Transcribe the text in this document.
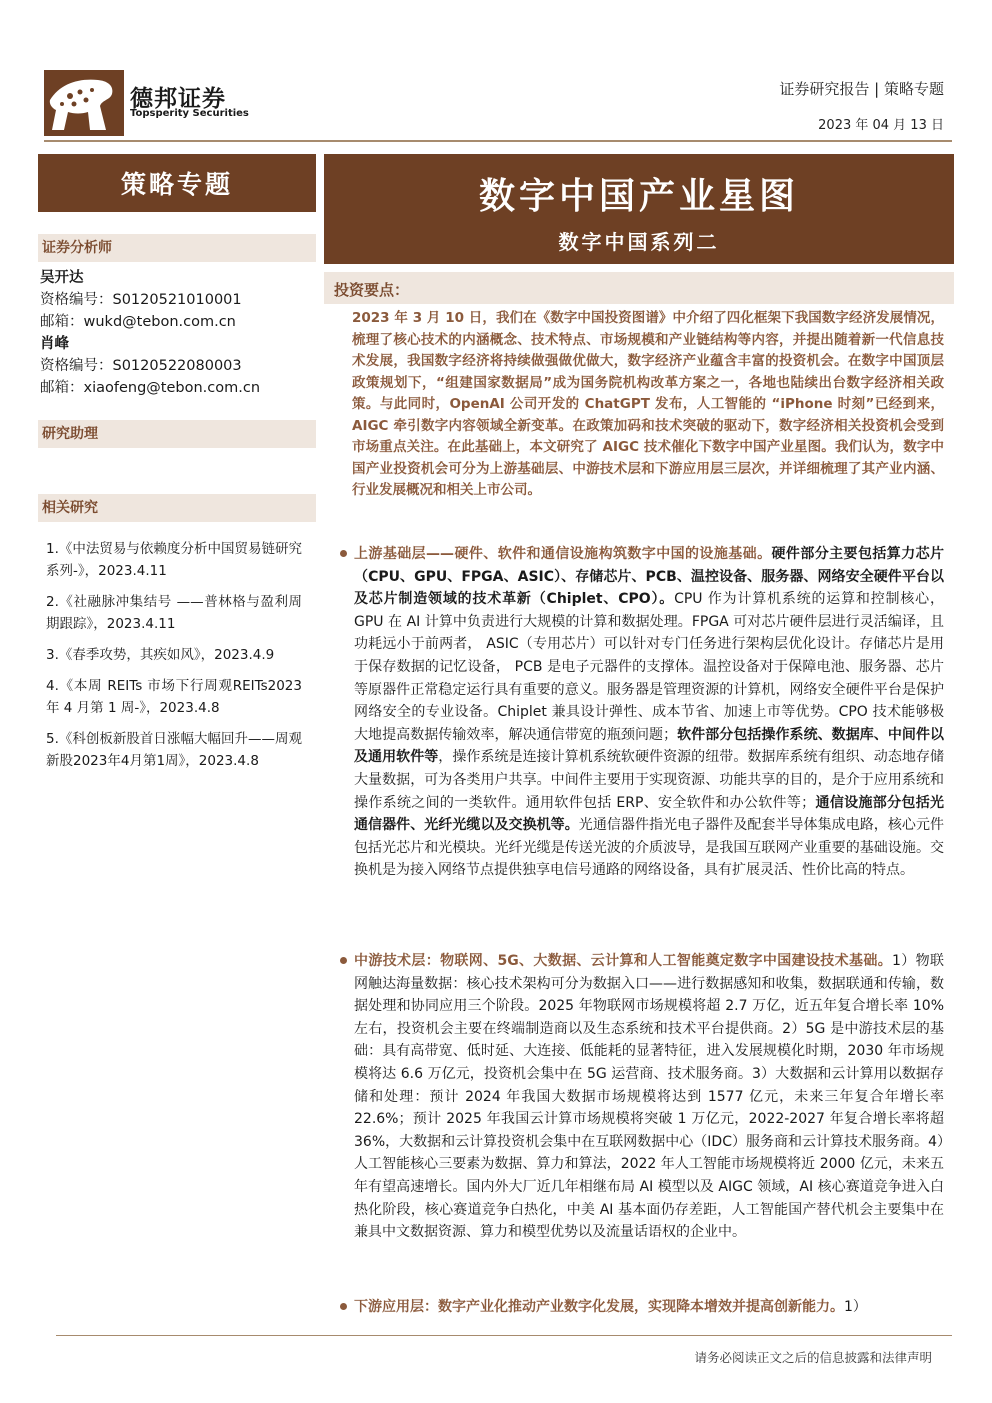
德邦证券
Topsperity Securities
证券研究报告 | 策略专题
2023 年 04 月 13 日
策略专题
证券分析师
吴开达
资格编号：S0120521010001
邮箱：wukd@tebon.com.cn
肖峰
资格编号：S0120522080003
邮箱：xiaofeng@tebon.com.cn
研究助理
相关研究
1.《中法贸易与依赖度分析中国贸易链研究系列-》，2023.4.11
2.《社融脉冲集结号 ——普林格与盈利周期跟踪》，2023.4.11
3.《春季攻势，其疾如风》，2023.4.9
4.《本周 REITs 市场下行周观REITs2023 年 4 月第 1 周-》，2023.4.8
5.《科创板新股首日涨幅大幅回升——周观新股2023年4月第1周》，2023.4.8
数字中国产业星图
数字中国系列二
投资要点：
2023 年 3 月 10 日，我们在《数字中国投资图谱》中介绍了四化框架下我国数字经济发展情况，梳理了核心技术的内涵概念、技术特点、市场规模和产业链结构等内容，并提出随着新一代信息技术发展，我国数字经济将持续做强做优做大，数字经济产业蕴含丰富的投资机会。在数字中国顶层政策规划下，“组建国家数据局”成为国务院机构改革方案之一，各地也陆续出台数字经济相关政策。与此同时，OpenAI 公司开发的 ChatGPT 发布，人工智能的 “iPhone 时刻”已经到来，AIGC 牵引数字内容领域全新变革。在政策加码和技术突破的驱动下，数字经济相关投资机会受到市场重点关注。在此基础上，本文研究了 AIGC 技术催化下数字中国产业星图。我们认为，数字中国产业投资机会可分为上游基础层、中游技术层和下游应用层三层次，并详细梳理了其产业内涵、行业发展概况和相关上市公司。
上游基础层——硬件、软件和通信设施构筑数字中国的设施基础。硬件部分主要包括算力芯片（CPU、GPU、FPGA、ASIC）、存储芯片、PCB、温控设备、服务器、网络安全硬件平台以及芯片制造领域的技术革新（Chiplet、CPO）。CPU 作为计算机系统的运算和控制核心，GPU 在 AI 计算中负责进行大规模的计算和数据处理。FPGA 可对芯片硬件层进行灵活编译，且功耗远小于前两者， ASIC（专用芯片）可以针对专门任务进行架构层优化设计。存储芯片是用于保存数据的记忆设备， PCB 是电子元器件的支撑体。温控设备对于保障电池、服务器、芯片等原器件正常稳定运行具有重要的意义。服务器是管理资源的计算机，网络安全硬件平台是保护网络安全的专业设备。Chiplet 兼具设计弹性、成本节省、加速上市等优势。CPO 技术能够极大地提高数据传输效率，解决通信带宽的瓶颈问题；软件部分包括操作系统、数据库、中间件以及通用软件等，操作系统是连接计算机系统软硬件资源的纽带。数据库系统有组织、动态地存储大量数据，可为各类用户共享。中间件主要用于实现资源、功能共享的目的，是介于应用系统和操作系统之间的一类软件。通用软件包括 ERP、安全软件和办公软件等；通信设施部分包括光通信器件、光纤光缆以及交换机等。光通信器件指光电子器件及配套半导体集成电路，核心元件包括光芯片和光模块。光纤光缆是传送光波的介质波导，是我国互联网产业重要的基础设施。交换机是为接入网络节点提供独享电信号通路的网络设备，具有扩展灵活、性价比高的特点。
中游技术层：物联网、5G、大数据、云计算和人工智能奠定数字中国建设技术基础。1）物联网触达海量数据：核心技术架构可分为数据入口——进行数据感知和收集，数据联通和传输，数据处理和协同应用三个阶段。2025 年物联网市场规模将超 2.7 万亿，近五年复合增长率 10%左右，投资机会主要在终端制造商以及生态系统和技术平台提供商。2）5G 是中游技术层的基础：具有高带宽、低时延、大连接、低能耗的显著特征，进入发展规模化时期，2030 年市场规模将达 6.6 万亿元，投资机会集中在 5G 运营商、技术服务商。3）大数据和云计算用以数据存储和处理：预计 2024 年我国大数据市场规模将达到 1577 亿元，未来三年复合年增长率 22.6%；预计 2025 年我国云计算市场规模将突破 1 万亿元，2022-2027 年复合增长率将超 36%，大数据和云计算投资机会集中在互联网数据中心（IDC）服务商和云计算技术服务商。4）人工智能核心三要素为数据、算力和算法，2022 年人工智能市场规模将近 2000 亿元，未来五年有望高速增长。国内外大厂近几年相继布局 AI 模型以及 AIGC 领域，AI 核心赛道竞争进入白热化阶段，核心赛道竞争白热化，中美 AI 基本面仍存差距，人工智能国产替代机会主要集中在兼具中文数据资源、算力和模型优势以及流量话语权的企业中。
下游应用层：数字产业化推动产业数字化发展，实现降本增效并提高创新能力。1）
请务必阅读正文之后的信息披露和法律声明
